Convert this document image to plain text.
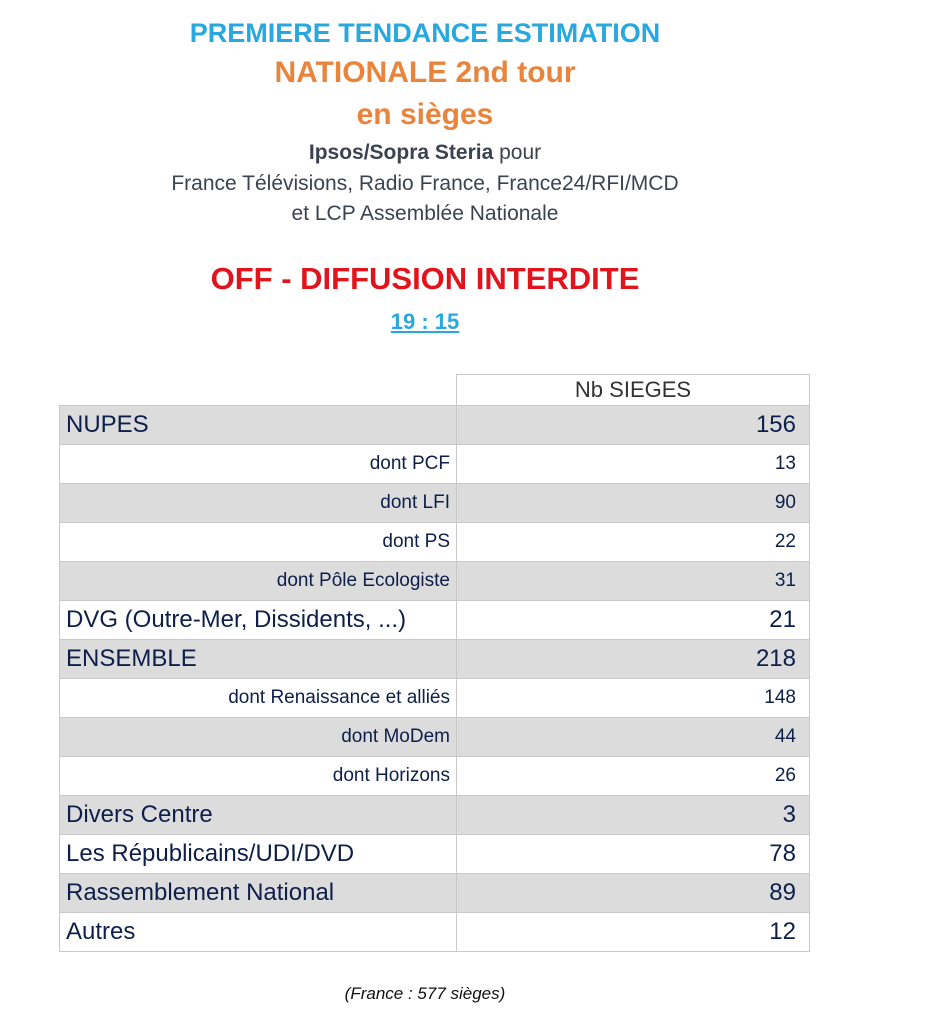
PREMIERE TENDANCE ESTIMATION
NATIONALE 2nd tour
en sièges
Ipsos/Sopra Steria pour
France Télévisions, Radio France, France24/RFI/MCD
et LCP Assemblée Nationale
OFF - DIFFUSION INTERDITE
19 : 15
	Nb SIEGES
NUPES	156
dont PCF	13
dont LFI	90
dont PS	22
dont Pôle Ecologiste	31
DVG (Outre-Mer, Dissidents, ...)	21
ENSEMBLE	218
dont Renaissance et alliés	148
dont MoDem	44
dont Horizons	26
Divers Centre	3
Les Républicains/UDI/DVD	78
Rassemblement National	89
Autres	12
(France : 577 sièges)
